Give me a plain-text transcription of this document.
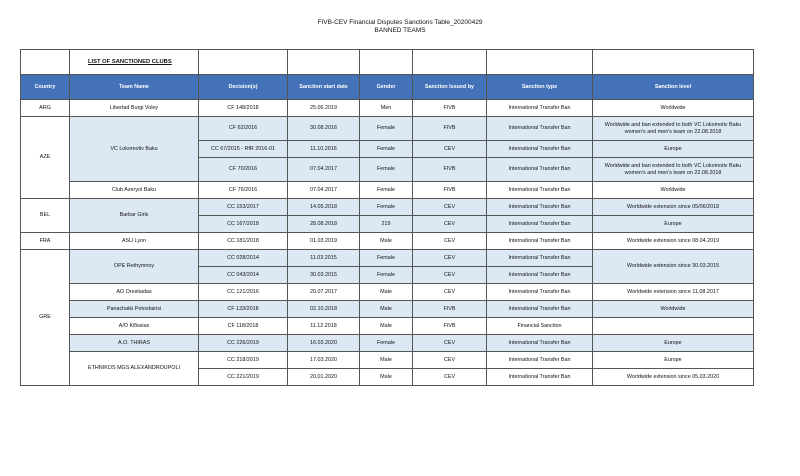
FIVB-CEV Financial Disputes Sanctions Table_20200429
BANNED TEAMS
	LIST OF SANCTIONED CLUBS						
Country	Team Name	Decision(s)	Sanction start date	Gender	Sanction Issued by	Sanction type	Sanction level
ARG	Libertad Burgi Voley	CF 148/2018	25.06.2019	Men	FIVB	International Transfer Ban	Worldwide
AZE	VC Lokomotiv Baku	CF 62/2016	30.08.2016	Female	FIVB	International Transfer Ban	Worldwide and ban extended to both VC Lokomotiv Baku women's and men's team on 22.08.2018
		CC 67/2015 - RfR 2016-01	11.10.2016	Female	CEV	International Transfer Ban	Europe
		CF 70/2016	07.04.2017	Female	FIVB	International Transfer Ban	Worldwide and ban extended to both VC Lokomotiv Baku women's and men's team on 22.08.2018
	Club Azeryol Baku	CF 76/2016	07.04.2017	Female	FIVB	International Transfer Ban	Worldwide
BEL	Barbar Girls	CC 153/2017	14.05.2018	Female	CEV	International Transfer Ban	Worldwide extension since 05/06/2018
		CC 167/2018	28.08.2018	219	CEV	International Transfer Ban	Europe
FRA	ASU Lyon	CC 181/2018	01.03.2019	Male	CEV	International Transfer Ban	Worldwide extension since 08.04.2019
GRE	OPE Rethymnoy	CC 028/2014	11.03.2015	Female	CEV	International Transfer Ban	Worldwide extension since 30.03.2015
		CC 043/2014	30.03.2015	Female	CEV	International Transfer Ban	
	AO Orestiadas	CC 121/2016	20.07.2017	Male	CEV	International Transfer Ban	Worldwide extension since 11.08.2017
	Panachaiki Petosfairisi	CF 133/2018	02.10.2018	Male	FIVB	International Transfer Ban	Worldwide
	A/O Kifissias	CF 118/2018	11.12.2018	Male	FIVB	Financial Sanction	
	A.O. THIRAS	CC 226/2019	16.03.2020	Female	CEV	International Transfer Ban	Europe
	ETHNIKOS MGS ALEXANDROUPOLI	CC 218/2019	17.03.2020	Male	CEV	International Transfer Ban	Europe
		CC 221/2019	20.01.2020	Male	CEV	International Transfer Ban	Worldwide extension since 05.03.2020
